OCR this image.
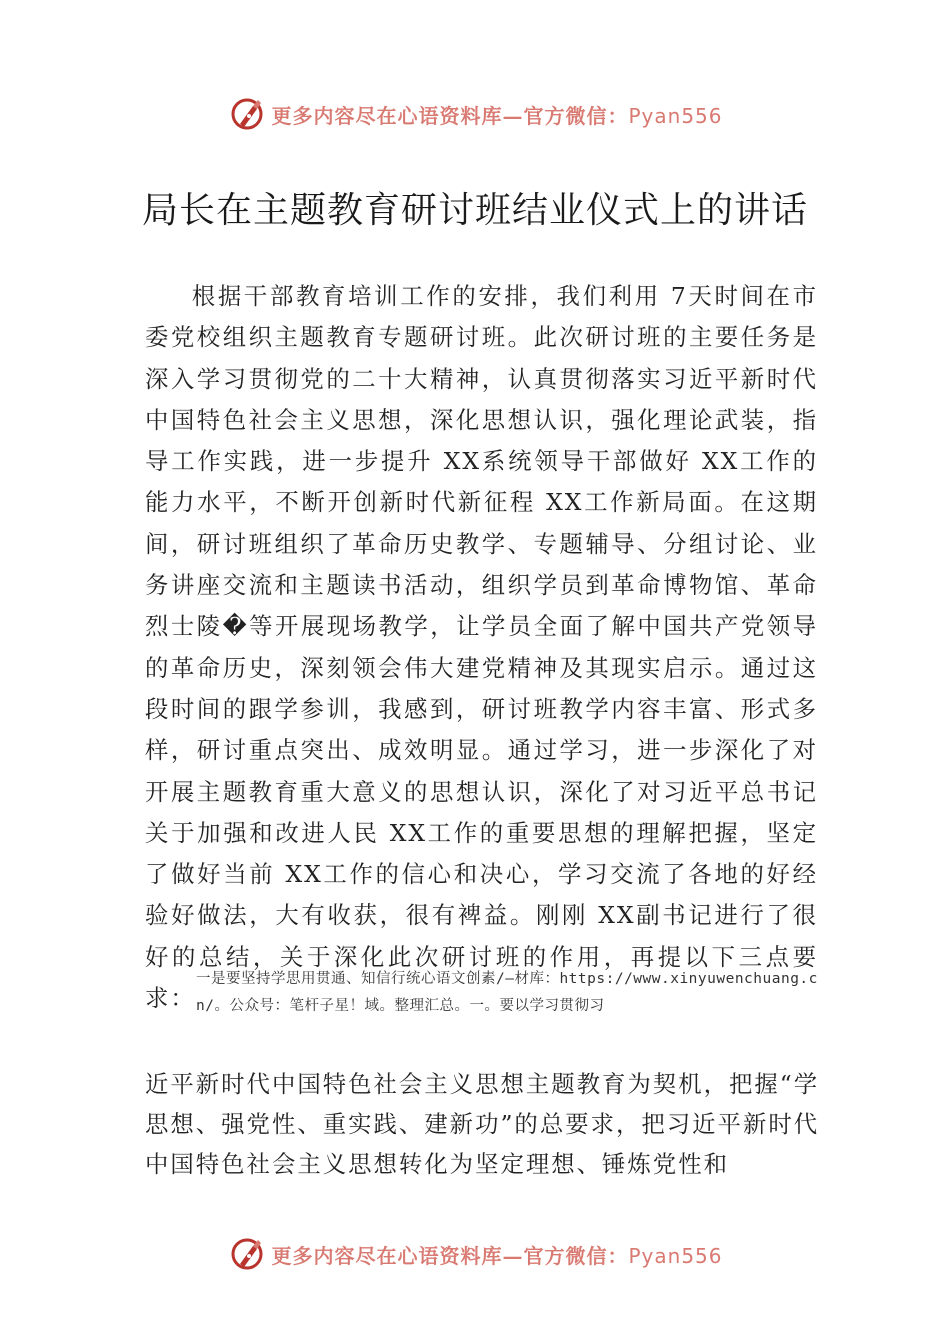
更多内容尽在心语资料库—官方微信：Pyan556
局长在主题教育研讨班结业仪式上的讲话

根据干部教育培训工作的安排，我们利用 7天时间在市委党校组织主题教育专题研讨班。此次研讨班的主要任务是深入学习贯彻党的二十大精神，认真贯彻落实习近平新时代中国特色社会主义思想，深化思想认识，强化理论武装，指导工作实践，进一步提升 XX系统领导干部做好 XX工作的能力水平，不断开创新时代新征程 XX工作新局面。在这期间，研讨班组织了革命历史教学、专题辅导、分组讨论、业务讲座交流和主题读书活动，组织学员到革命博物馆、革命烈士陵�等开展现场教学，让学员全面了解中国共产党领导的革命历史，深刻领会伟大建党精神及其现实启示。通过这段时间的跟学参训，我感到，研讨班教学内容丰富、形式多样，研讨重点突出、成效明显。通过学习，进一步深化了对开展主题教育重大意义的思想认识，深化了对习近平总书记关于加强和改进人民 XX工作的重要思想的理解把握，坚定了做好当前 XX工作的信心和决心，学习交流了各地的好经验好做法，大有收获，很有裨益。刚刚 XX副书记进行了很好的总结，关于深化此次研讨班的作用，再提以下三点要求：

一是要坚持学思用贯通、知信行统心语文创素/—材库：https://www.xinyuwenchuang.cn/。公众号：笔杆子星！域。整理汇总。一。要以学习贯彻习

近平新时代中国特色社会主义思想主题教育为契机，把握“学思想、强党性、重实践、建新功”的总要求，把习近平新时代中国特色社会主义思想转化为坚定理想、锤炼党性和

更多内容尽在心语资料库—官方微信：Pyan556
